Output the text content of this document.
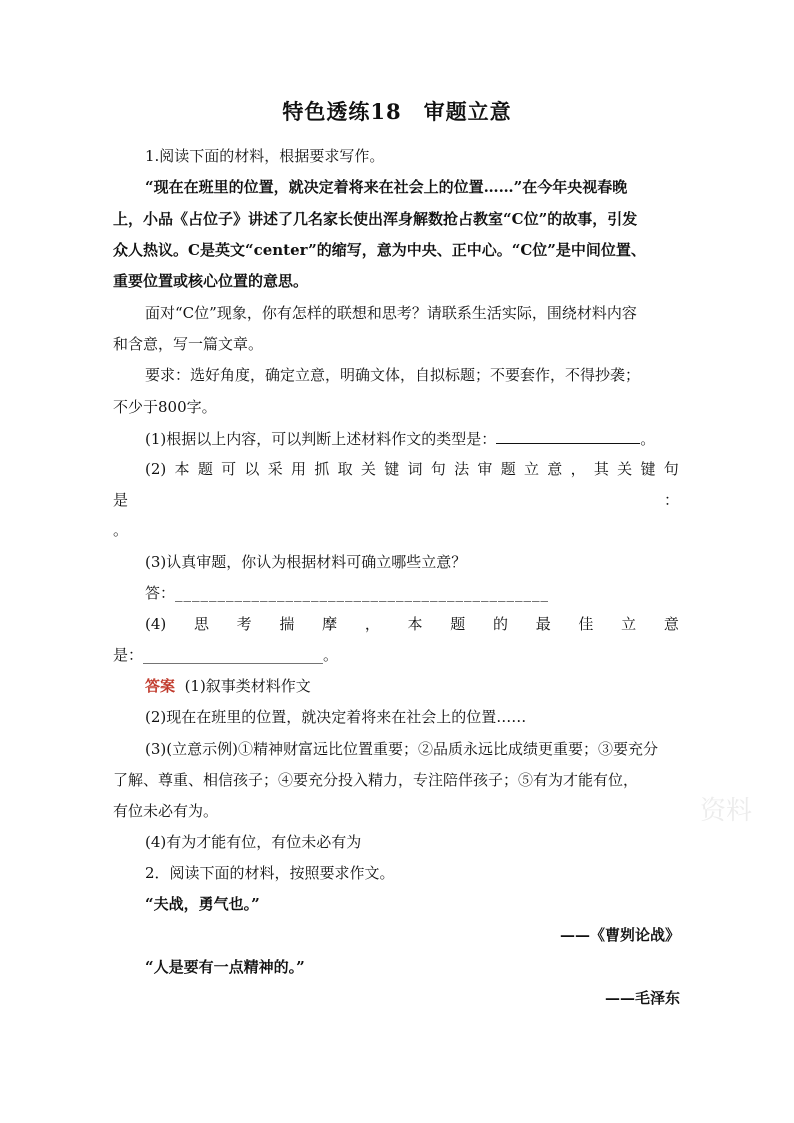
特色透练18　审题立意
1.阅读下面的材料，根据要求写作。
“现在在班里的位置，就决定着将来在社会上的位置……”在今年央视春晚
上，小品《占位子》讲述了几名家长使出浑身解数抢占教室“C位”的故事，引发
众人热议。C是英文“center”的缩写，意为中央、正中心。“C位”是中间位置、
重要位置或核心位置的意思。
面对“C位”现象，你有怎样的联想和思考？请联系生活实际，围绕材料内容
和含意，写一篇文章。
要求：选好角度，确定立意，明确文体，自拟标题；不要套作，不得抄袭；
不少于800字。
(1)根据以上内容，可以判断上述材料作文的类型是：	。
(2) 本 题 可 以 采 用 抓 取 关 键 词 句 法 审 题 立 意 ， 其 关 键 句
是	：
。
(3)认真审题，你认为根据材料可确立哪些立意？
答：____________________________________________
(4) 思 考 揣 摩 ， 本 题 的 最 佳 立 意
是：________________________。
答案 (1)叙事类材料作文
(2)现在在班里的位置，就决定着将来在社会上的位置……
(3)(立意示例)①精神财富远比位置重要；②品质永远比成绩更重要；③要充分
了解、尊重、相信孩子；④要充分投入精力，专注陪伴孩子；⑤有为才能有位，
有位未必有为。
(4)有为才能有位，有位未必有为
2．阅读下面的材料，按照要求作文。
“夫战，勇气也。”
——《曹刿论战》
“人是要有一点精神的。”
——毛泽东
资料
